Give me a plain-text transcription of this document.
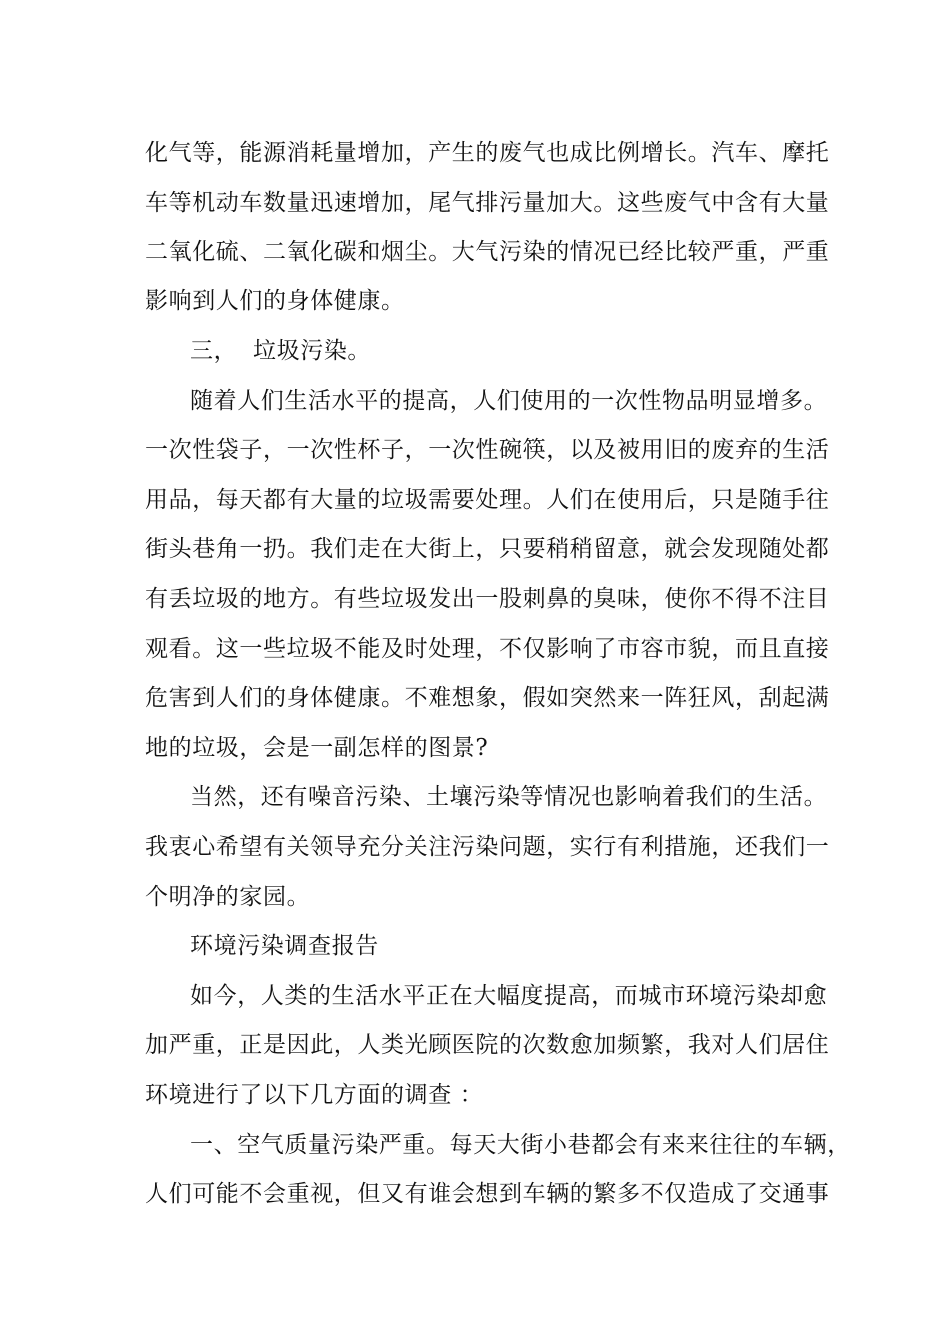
化气等，能源消耗量增加，产生的废气也成比例增长。汽车、摩托
车等机动车数量迅速增加，尾气排污量加大。这些废气中含有大量
二氧化硫、二氧化碳和烟尘。大气污染的情况已经比较严重，严重
影响到人们的身体健康。
三，  垃圾污染。
随着人们生活水平的提高，人们使用的一次性物品明显增多。
一次性袋子，一次性杯子，一次性碗筷，以及被用旧的废弃的生活
用品，每天都有大量的垃圾需要处理。人们在使用后，只是随手往
街头巷角一扔。我们走在大街上，只要稍稍留意，就会发现随处都
有丢垃圾的地方。有些垃圾发出一股刺鼻的臭味，使你不得不注目
观看。这一些垃圾不能及时处理，不仅影响了市容市貌，而且直接
危害到人们的身体健康。不难想象，假如突然来一阵狂风，刮起满
地的垃圾，会是一副怎样的图景?
当然，还有噪音污染、土壤污染等情况也影响着我们的生活。
我衷心希望有关领导充分关注污染问题，实行有利措施，还我们一
个明净的家园。
环境污染调查报告
如今，人类的生活水平正在大幅度提高，而城市环境污染却愈
加严重，正是因此，人类光顾医院的次数愈加频繁，我对人们居住
环境进行了以下几方面的调查 ：
一、空气质量污染严重。每天大街小巷都会有来来往往的车辆，
人们可能不会重视，但又有谁会想到车辆的繁多不仅造成了交通事
